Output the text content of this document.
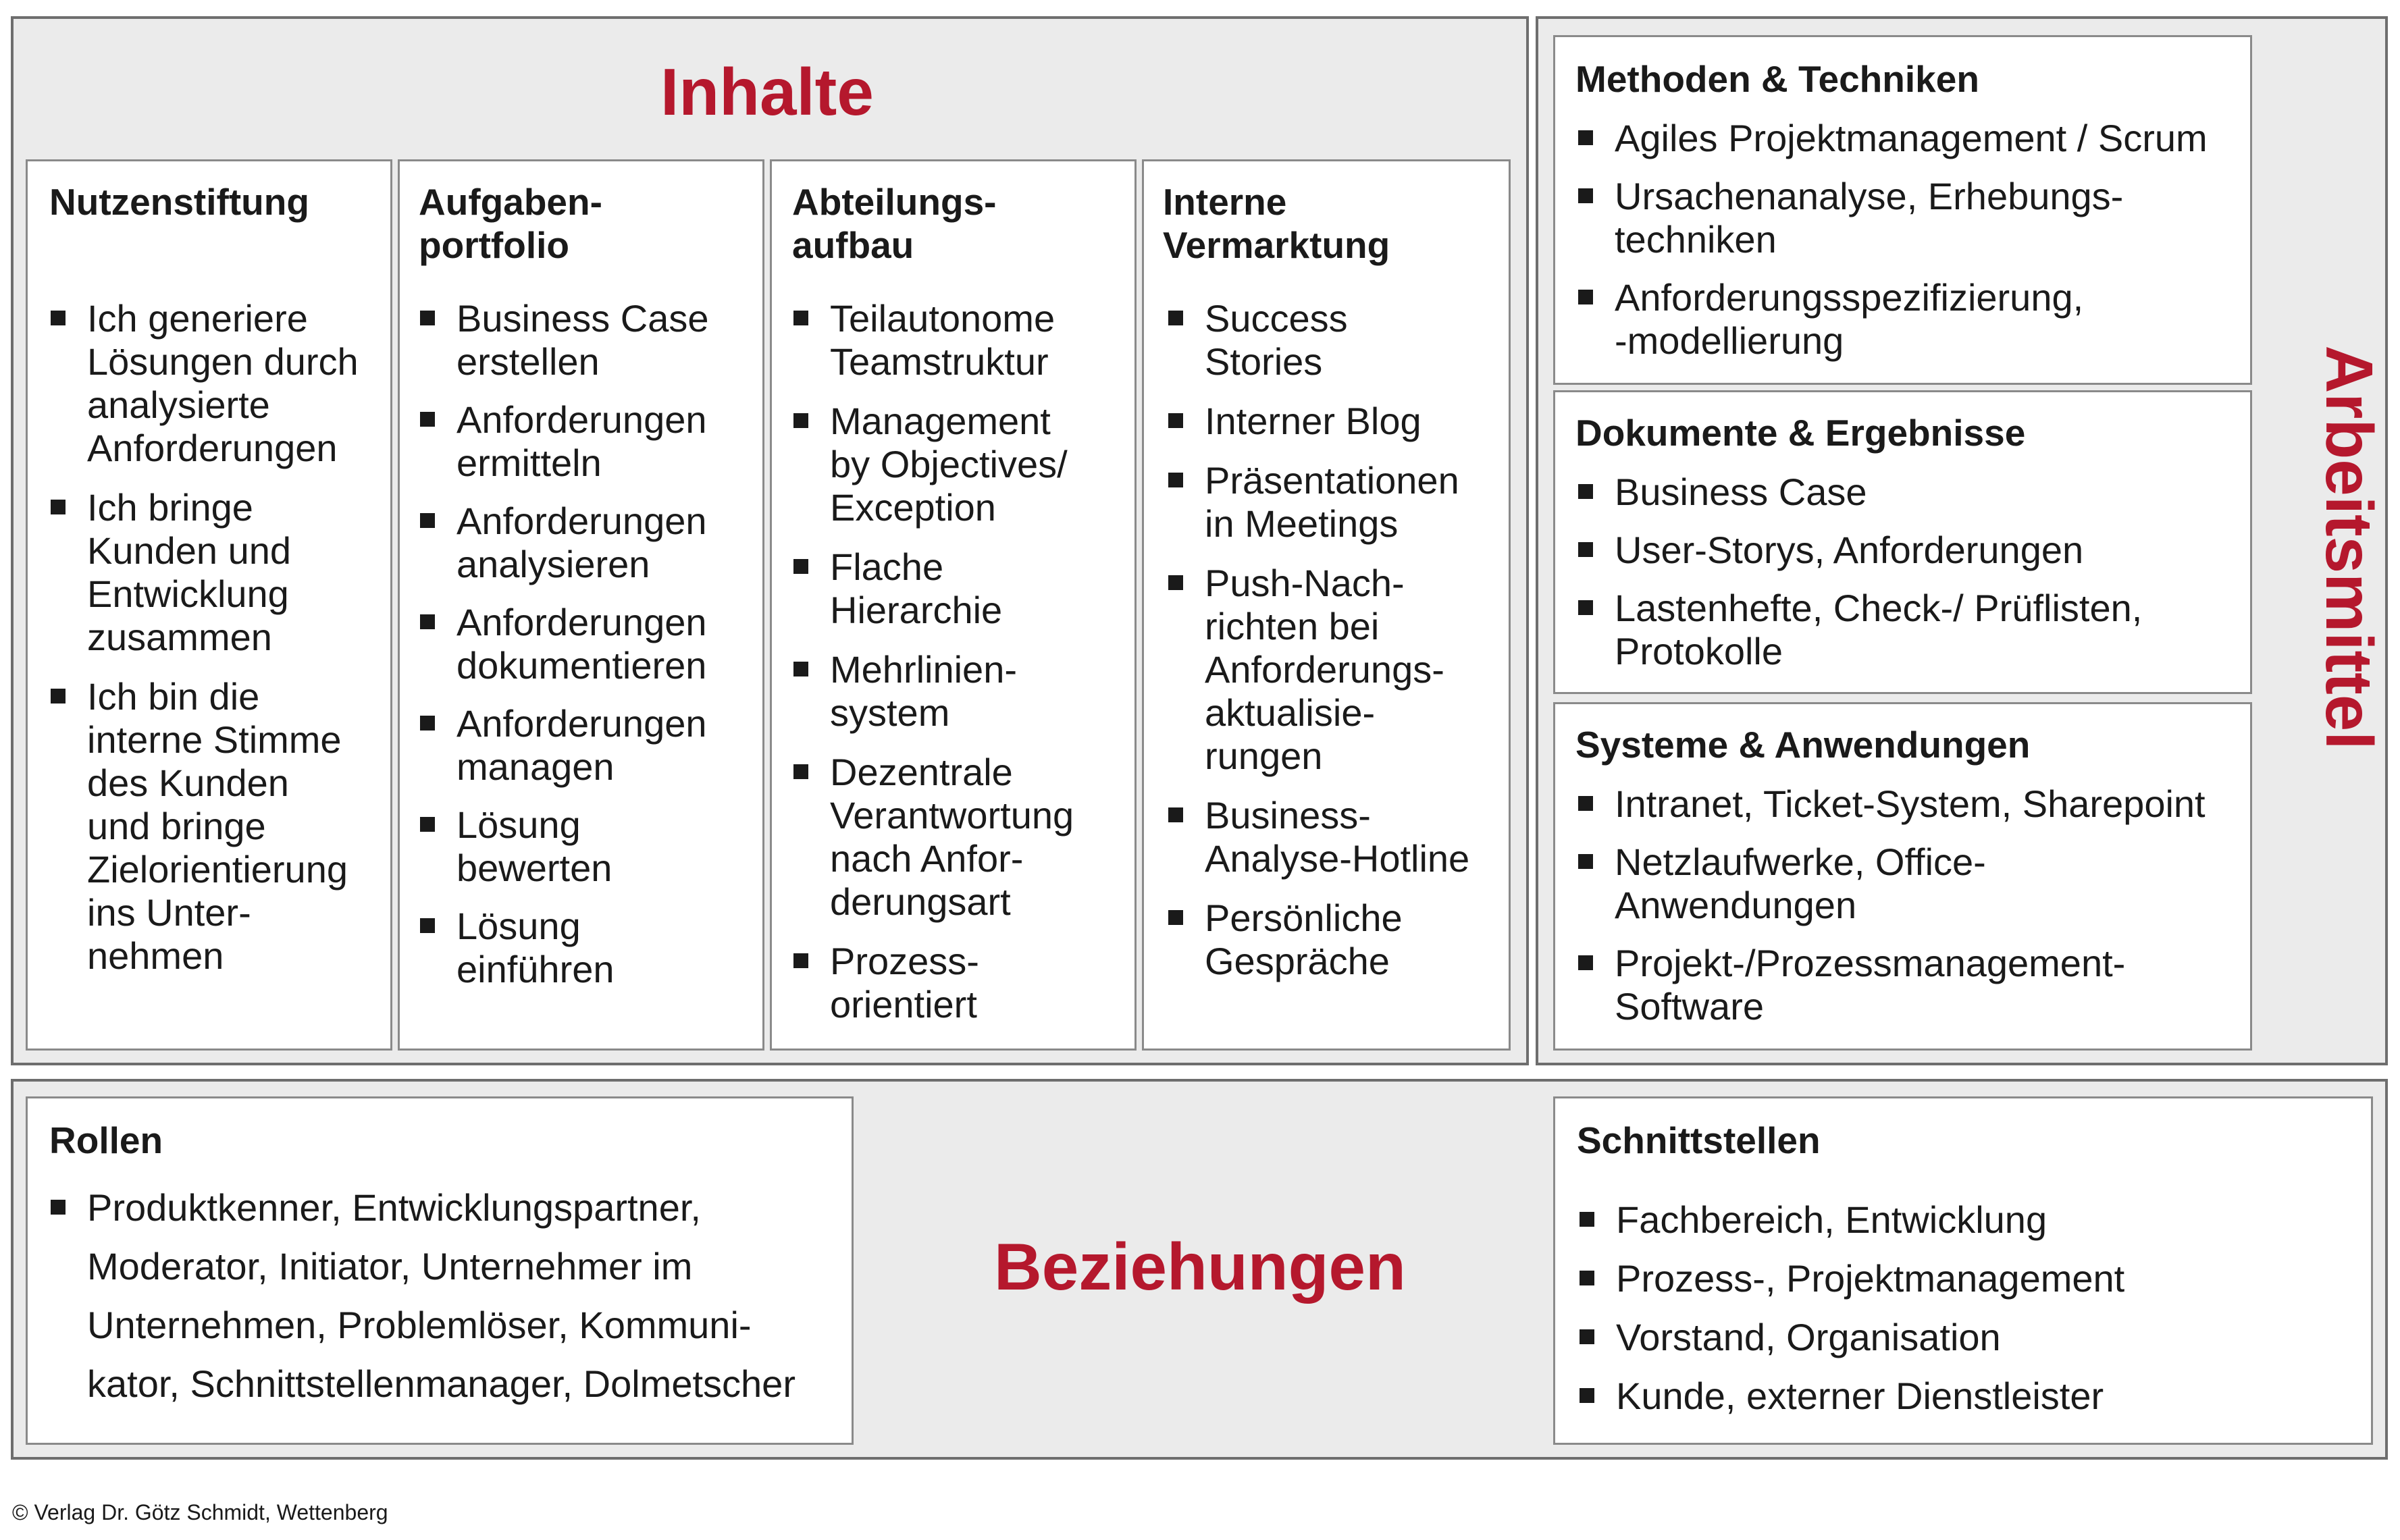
Inhalte
Nutzenstiftung
Ich generiere
Lösungen durch
analysierte
Anforderungen
Ich bringe
Kunden und
Entwicklung
zusammen
Ich bin die
interne Stimme
des Kunden
und bringe
Zielorientierung
ins Unter-
nehmen
Aufgaben-
portfolio
Business Case
erstellen
Anforderungen
ermitteln
Anforderungen
analysieren
Anforderungen
dokumentieren
Anforderungen
managen
Lösung
bewerten
Lösung
einführen
Abteilungs-
aufbau
Teilautonome
Teamstruktur
Management
by Objectives/
Exception
Flache
Hierarchie
Mehrlinien-
system
Dezentrale
Verantwortung
nach Anfor-
derungsart
Prozess-
orientiert
Interne
Vermarktung
Success
Stories
Interner Blog
Präsentationen
in Meetings
Push-Nach-
richten bei
Anforderungs-
aktualisie-
rungen
Business-
Analyse-Hotline
Persönliche
Gespräche
Arbeitsmittel
Methoden & Techniken
Agiles Projektmanagement / Scrum
Ursachenanalyse, Erhebungs-
techniken
Anforderungsspezifizierung,
-modellierung
Dokumente & Ergebnisse
Business Case
User-Storys, Anforderungen
Lastenhefte, Check-/ Prüflisten,
Protokolle
Systeme & Anwendungen
Intranet, Ticket-System, Sharepoint
Netzlaufwerke, Office-
Anwendungen
Projekt-/Prozessmanagement-
Software
Beziehungen
Rollen
Produktkenner, Entwicklungspartner,
Moderator, Initiator, Unternehmer im
Unternehmen, Problemlöser, Kommuni-
kator, Schnittstellenmanager, Dolmetscher
Schnittstellen
Fachbereich, Entwicklung
Prozess-, Projektmanagement
Vorstand, Organisation
Kunde, externer Dienstleister
© Verlag Dr. Götz Schmidt, Wettenberg
